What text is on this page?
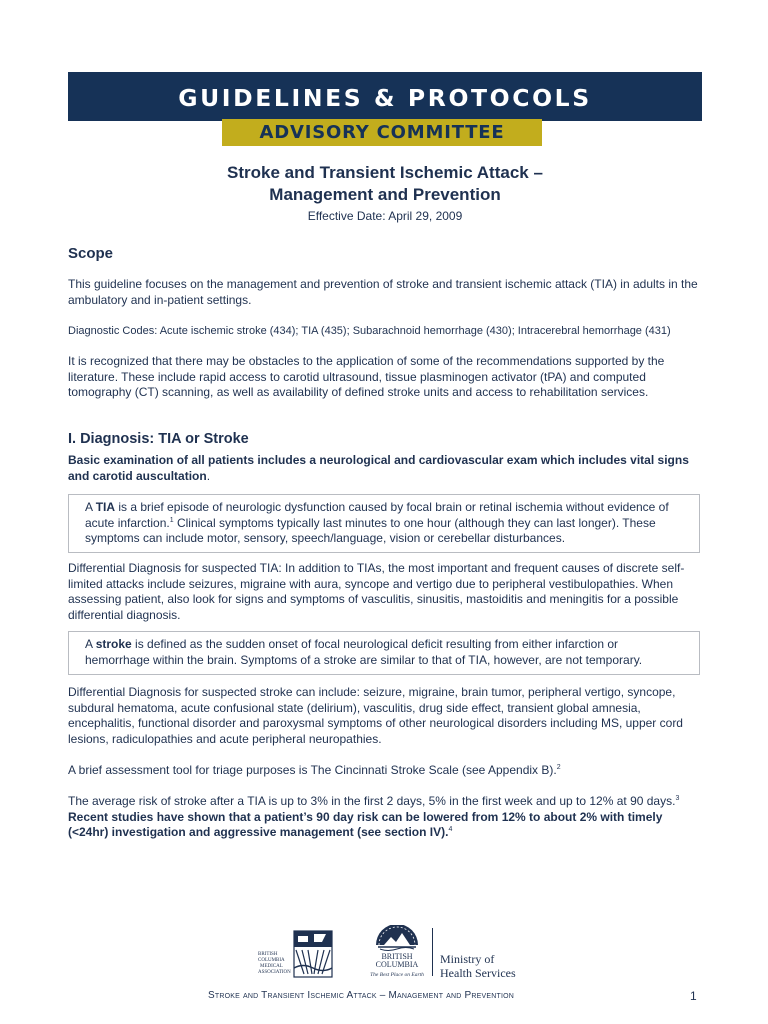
GUIDELINES & PROTOCOLS
ADVISORY COMMITTEE
Stroke and Transient Ischemic Attack –
Management and Prevention
Effective Date: April 29, 2009
Scope
This guideline focuses on the management and prevention of stroke and transient ischemic attack (TIA) in adults in the ambulatory and in-patient settings.
Diagnostic Codes: Acute ischemic stroke (434); TIA (435); Subarachnoid hemorrhage (430); Intracerebral hemorrhage (431)
It is recognized that there may be obstacles to the application of some of the recommendations supported by the literature. These include rapid access to carotid ultrasound, tissue plasminogen activator (tPA) and computed tomography (CT) scanning, as well as availability of defined stroke units and access to rehabilitation services.
I. Diagnosis: TIA or Stroke
Basic examination of all patients includes a neurological and cardiovascular exam which includes vital signs and carotid auscultation.
A TIA is a brief episode of neurologic dysfunction caused by focal brain or retinal ischemia without evidence of acute infarction.$^1$ Clinical symptoms typically last minutes to one hour (although they can last longer). These symptoms can include motor, sensory, speech/language, vision or cerebellar disturbances.
Differential Diagnosis for suspected TIA: In addition to TIAs, the most important and frequent causes of discrete self-limited attacks include seizures, migraine with aura, syncope and vertigo due to peripheral vestibulopathies. When assessing patient, also look for signs and symptoms of vasculitis, sinusitis, mastoiditis and meningitis for a possible differential diagnosis.
A stroke is defined as the sudden onset of focal neurological deficit resulting from either infarction or hemorrhage within the brain. Symptoms of a stroke are similar to that of TIA, however, are not temporary.
Differential Diagnosis for suspected stroke can include: seizure, migraine, brain tumor, peripheral vertigo, syncope, subdural hematoma, acute confusional state (delirium), vasculitis, drug side effect, transient global amnesia, encephalitis, functional disorder and paroxysmal symptoms of other neurological disorders including MS, upper cord lesions, radiculopathies and acute peripheral neuropathies.
A brief assessment tool for triage purposes is The Cincinnati Stroke Scale (see Appendix B).$^2$
The average risk of stroke after a TIA is up to 3% in the first 2 days, 5% in the first week and up to 12% at 90 days.$^3$ Recent studies have shown that a patient’s 90 day risk can be lowered from 12% to about 2% with timely (<24hr) investigation and aggressive management (see section IV).$^4$
BRITISH
COLUMBIA
MEDICAL
ASSOCIATION
BRITISH
COLUMBIA
The Best Place on Earth
Ministry of
Health Services
Stroke and Transient Ischemic Attack – Management and Prevention	1
